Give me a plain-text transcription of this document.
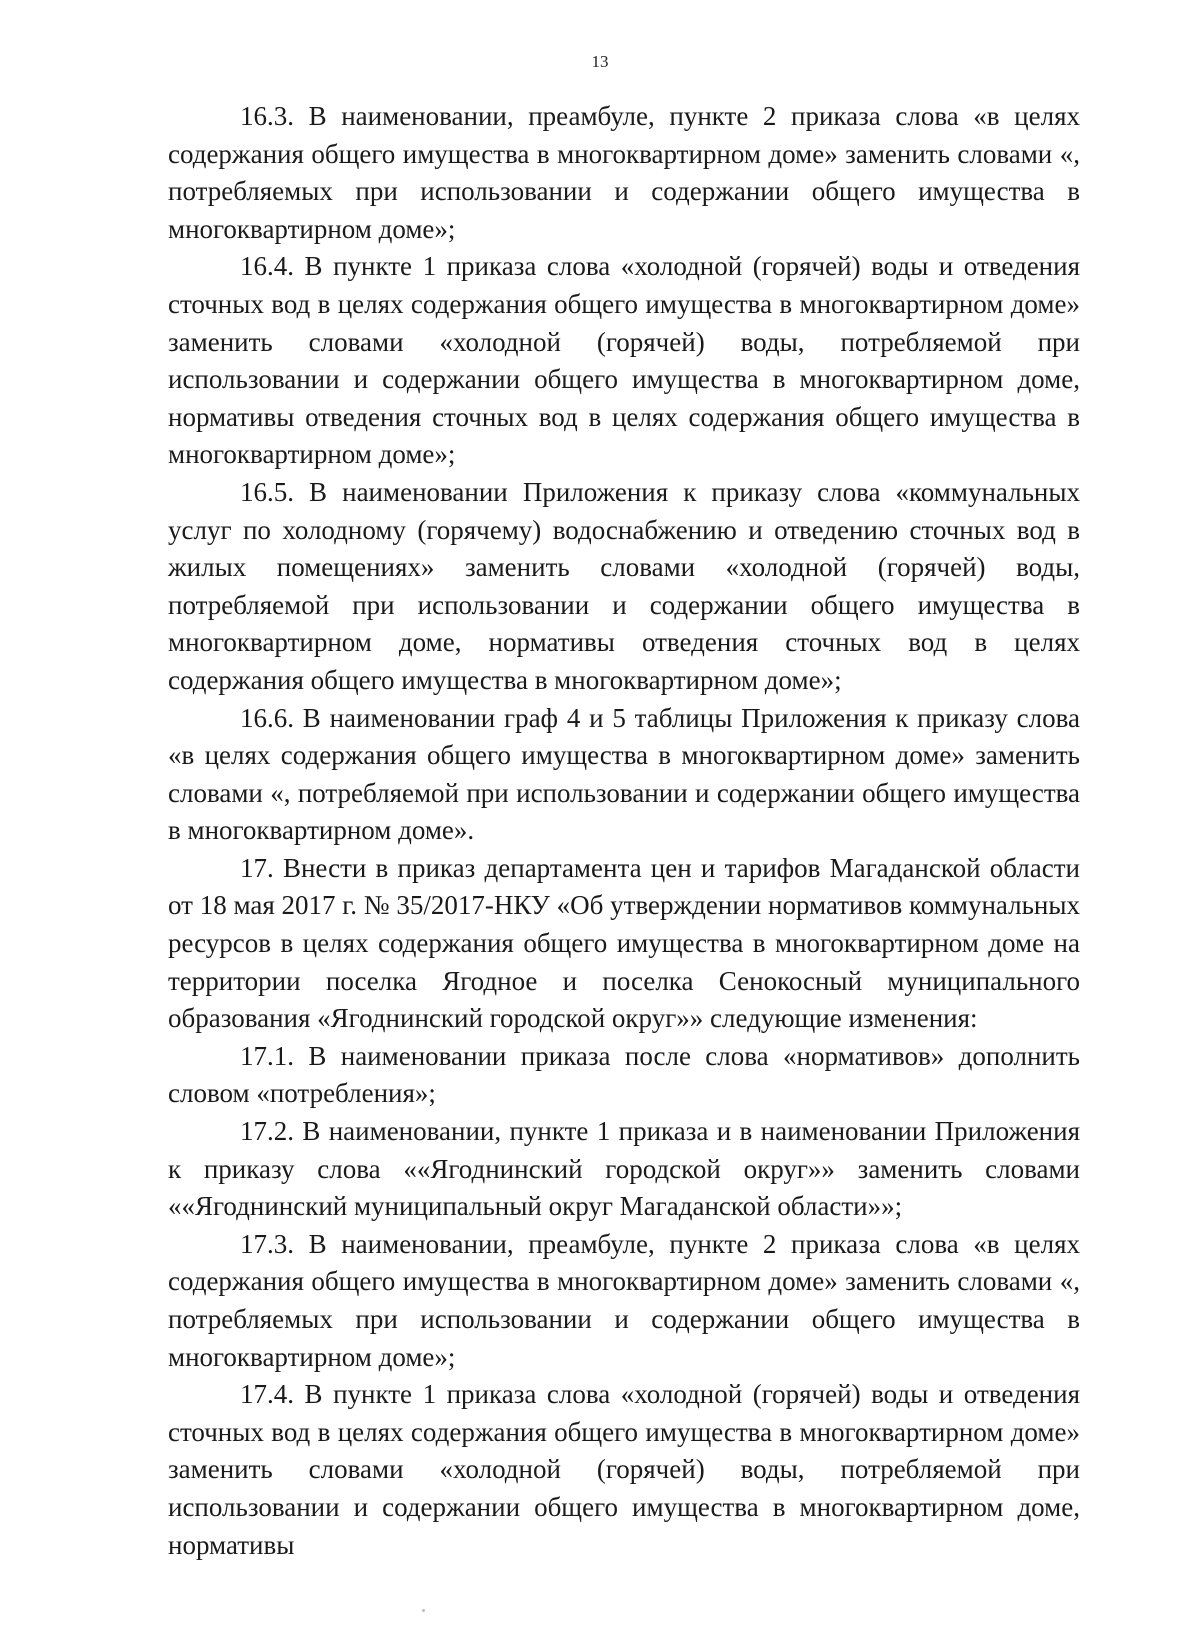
13

16.3. В наименовании, преамбуле, пункте 2 приказа слова «в целях содержания общего имущества в многоквартирном доме» заменить словами «, потребляемых при использовании и содержании общего имущества в многоквартирном доме»;

16.4. В пункте 1 приказа слова «холодной (горячей) воды и отведения сточных вод в целях содержания общего имущества в многоквартирном доме» заменить словами «холодной (горячей) воды, потребляемой при использовании и содержании общего имущества в многоквартирном доме, нормативы отведения сточных вод в целях содержания общего имущества в многоквартирном доме»;

16.5. В наименовании Приложения к приказу слова «коммунальных услуг по холодному (горячему) водоснабжению и отведению сточных вод в жилых помещениях» заменить словами «холодной (горячей) воды, потребляемой при использовании и содержании общего имущества в многоквартирном доме, нормативы отведения сточных вод в целях содержания общего имущества в многоквартирном доме»;

16.6. В наименовании граф 4 и 5 таблицы Приложения к приказу слова «в целях содержания общего имущества в многоквартирном доме» заменить словами «, потребляемой при использовании и содержании общего имущества в многоквартирном доме».

17. Внести в приказ департамента цен и тарифов Магаданской области от 18 мая 2017 г. № 35/2017-НКУ «Об утверждении нормативов коммунальных ресурсов в целях содержания общего имущества в многоквартирном доме на территории поселка Ягодное и поселка Сенокосный муниципального образования «Ягоднинский городской округ»» следующие изменения:

17.1. В наименовании приказа после слова «нормативов» дополнить словом «потребления»;

17.2. В наименовании, пункте 1 приказа и в наименовании Приложения к приказу слова ««Ягоднинский городской округ»» заменить словами ««Ягоднинский муниципальный округ Магаданской области»»;

17.3. В наименовании, преамбуле, пункте 2 приказа слова «в целях содержания общего имущества в многоквартирном доме» заменить словами «, потребляемых при использовании и содержании общего имущества в многоквартирном доме»;

17.4. В пункте 1 приказа слова «холодной (горячей) воды и отведения сточных вод в целях содержания общего имущества в многоквартирном доме» заменить словами «холодной (горячей) воды, потребляемой при использовании и содержании общего имущества в многоквартирном доме, нормативы
